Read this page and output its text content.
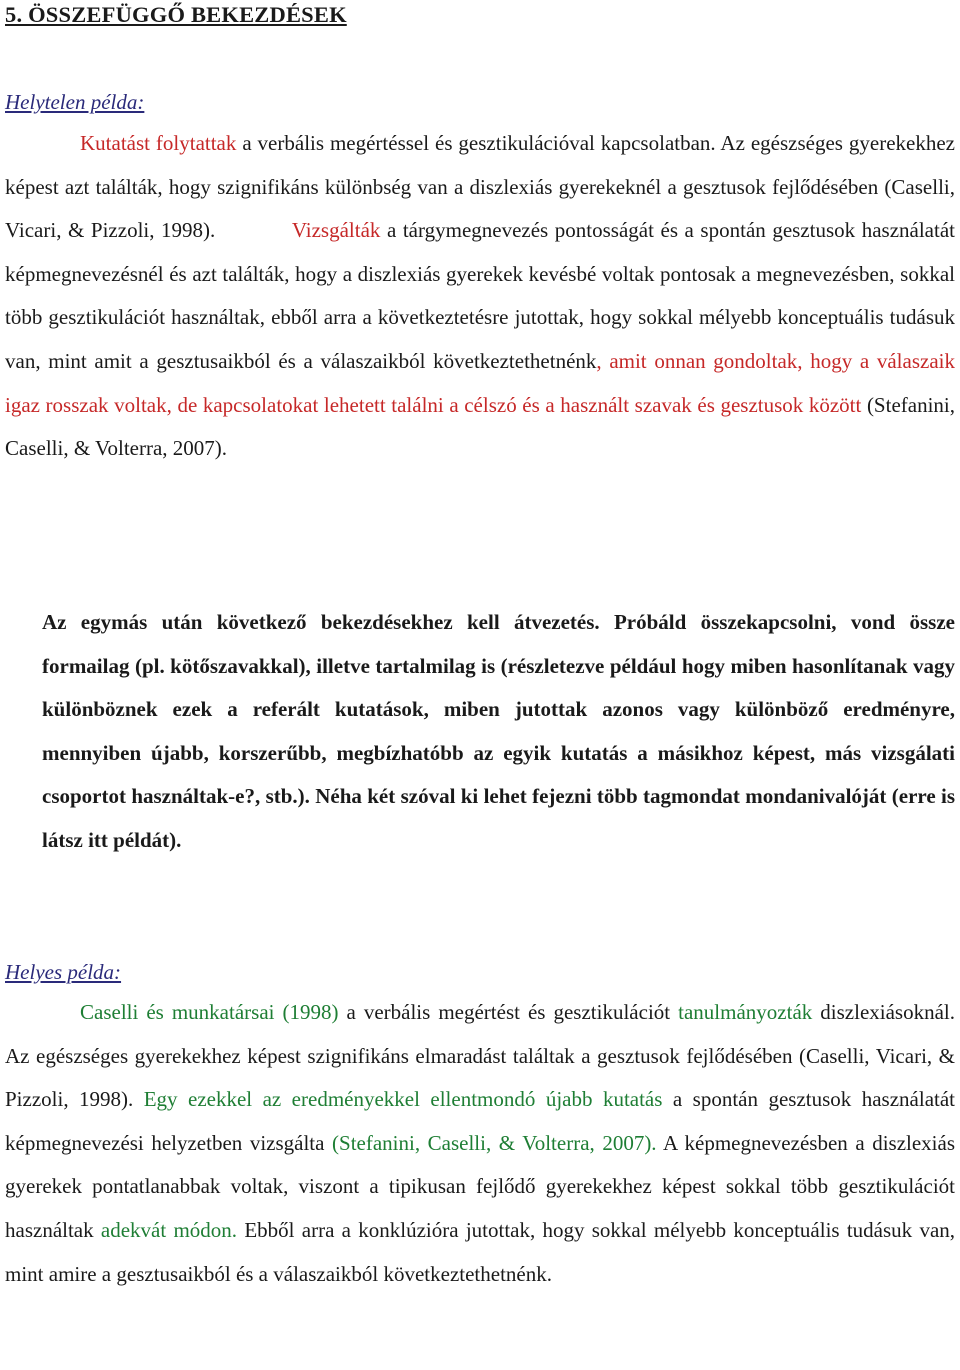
5. ÖSSZEFÜGGŐ BEKEZDÉSEK

Helytelen példa:

Kutatást folytattak a verbális megértéssel és gesztikulációval kapcsolatban. Az egészséges gyerekekhez képest azt találták, hogy szignifikáns különbség van a diszlexiás gyerekeknél a gesztusok fejlődésében (Caselli, Vicari, & Pizzoli, 1998).	Vizsgálták a tárgymegnevezés pontosságát és a spontán gesztusok használatát képmegnevezésnél és azt találták, hogy a diszlexiás gyerekek kevésbé voltak pontosak a megnevezésben, sokkal több gesztikulációt használtak, ebből arra a következtetésre jutottak, hogy sokkal mélyebb konceptuális tudásuk van, mint amit a gesztusaikból és a válaszaikból következtethetnénk, amit onnan gondoltak, hogy a válaszaik igaz rosszak voltak, de kapcsolatokat lehetett találni a célszó és a használt szavak és gesztusok között (Stefanini, Caselli, & Volterra, 2007).

Az egymás után következő bekezdésekhez kell átvezetés. Próbáld összekapcsolni, vond össze formailag (pl. kötőszavakkal), illetve tartalmilag is (részletezve például hogy miben hasonlítanak vagy különböznek ezek a referált kutatások, miben jutottak azonos vagy különböző eredményre, mennyiben újabb, korszerűbb, megbízhatóbb az egyik kutatás a másikhoz képest, más vizsgálati csoportot használtak-e?, stb.). Néha két szóval ki lehet fejezni több tagmondat mondanivalóját (erre is látsz itt példát).

Helyes példa:

Caselli és munkatársai (1998) a verbális megértést és gesztikulációt tanulmányozták diszlexiásoknál. Az egészséges gyerekekhez képest szignifikáns elmaradást találtak a gesztusok fejlődésében (Caselli, Vicari, & Pizzoli, 1998). Egy ezekkel az eredményekkel ellentmondó újabb kutatás a spontán gesztusok használatát képmegnevezési helyzetben vizsgálta (Stefanini, Caselli, & Volterra, 2007). A képmegnevezésben a diszlexiás gyerekek pontatlanabbak voltak, viszont a tipikusan fejlődő gyerekekhez képest sokkal több gesztikulációt használtak adekvát módon. Ebből arra a konklúzióra jutottak, hogy sokkal mélyebb konceptuális tudásuk van, mint amire a gesztusaikból és a válaszaikból következtethetnénk.
